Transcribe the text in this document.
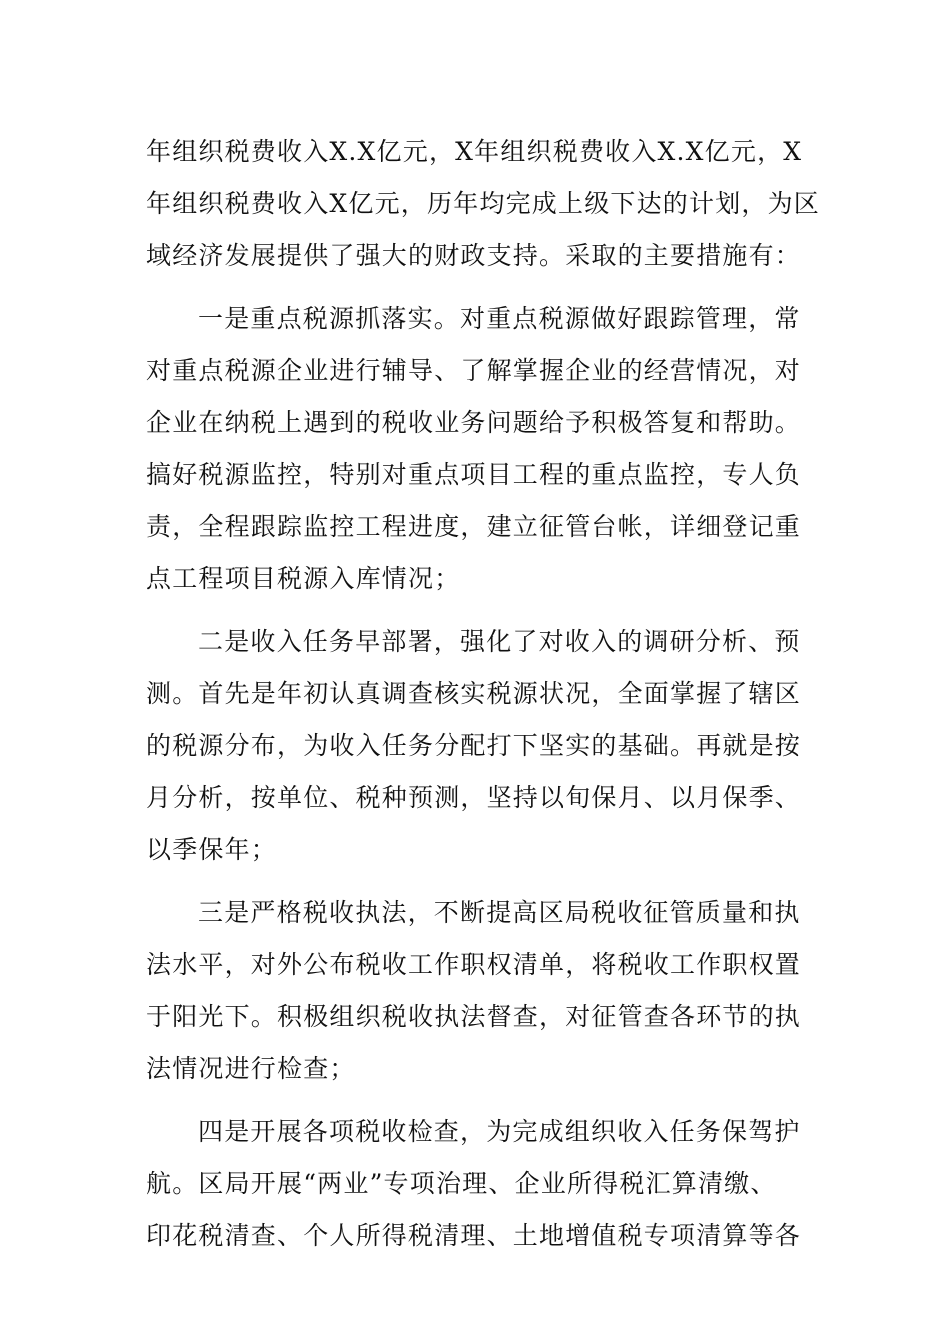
年组织税费收入X.X亿元，X年组织税费收入X.X亿元，X
年组织税费收入X亿元，历年均完成上级下达的计划，为区
域经济发展提供了强大的财政支持。采取的主要措施有：
一是重点税源抓落实。对重点税源做好跟踪管理，常
对重点税源企业进行辅导、了解掌握企业的经营情况，对
企业在纳税上遇到的税收业务问题给予积极答复和帮助。
搞好税源监控，特别对重点项目工程的重点监控，专人负
责，全程跟踪监控工程进度，建立征管台帐，详细登记重
点工程项目税源入库情况；
二是收入任务早部署，强化了对收入的调研分析、预
测。首先是年初认真调查核实税源状况，全面掌握了辖区
的税源分布，为收入任务分配打下坚实的基础。再就是按
月分析，按单位、税种预测，坚持以旬保月、以月保季、
以季保年；
三是严格税收执法，不断提高区局税收征管质量和执
法水平，对外公布税收工作职权清单，将税收工作职权置
于阳光下。积极组织税收执法督查，对征管查各环节的执
法情况进行检查；
四是开展各项税收检查，为完成组织收入任务保驾护
航。区局开展“两业”专项治理、企业所得税汇算清缴、
印花税清查、个人所得税清理、土地增值税专项清算等各
